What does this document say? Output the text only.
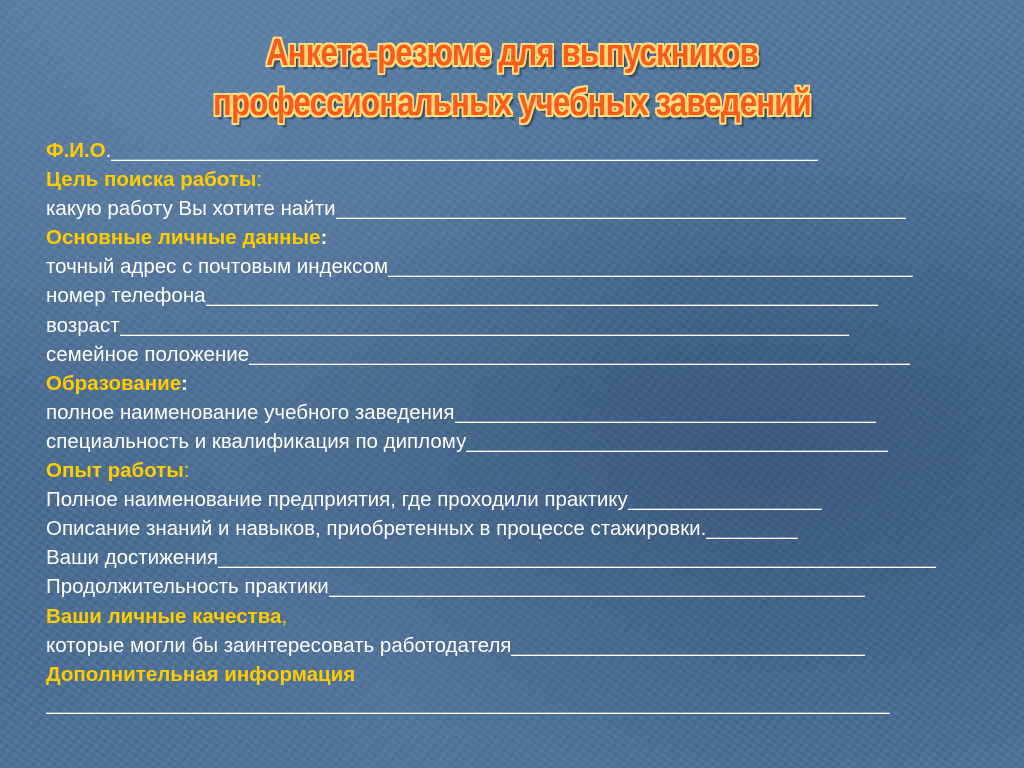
Анкета-резюме для выпускников
профессиональных учебных заведений
Ф.И.О . ______________________________________________________________
Цель поиска работы :
какую работу Вы хотите найти __________________________________________________
Основные личные данные :
точный адрес с почтовым индексом ______________________________________________
номер телефона ___________________________________________________________
возраст ________________________________________________________________
семейное положение __________________________________________________________
Образование :
полное наименование учебного заведения _____________________________________
специальность и квалификация по диплому _____________________________________
Опыт работы :
Полное наименование предприятия, где проходили практику _________________
Описание знаний и навыков, приобретенных в процессе стажировки. ________
Ваши достижения _______________________________________________________________
Продолжительность практики _______________________________________________
Ваши личные качества ,
которые могли бы заинтересовать работодателя _______________________________
Дополнительная информация
__________________________________________________________________________
